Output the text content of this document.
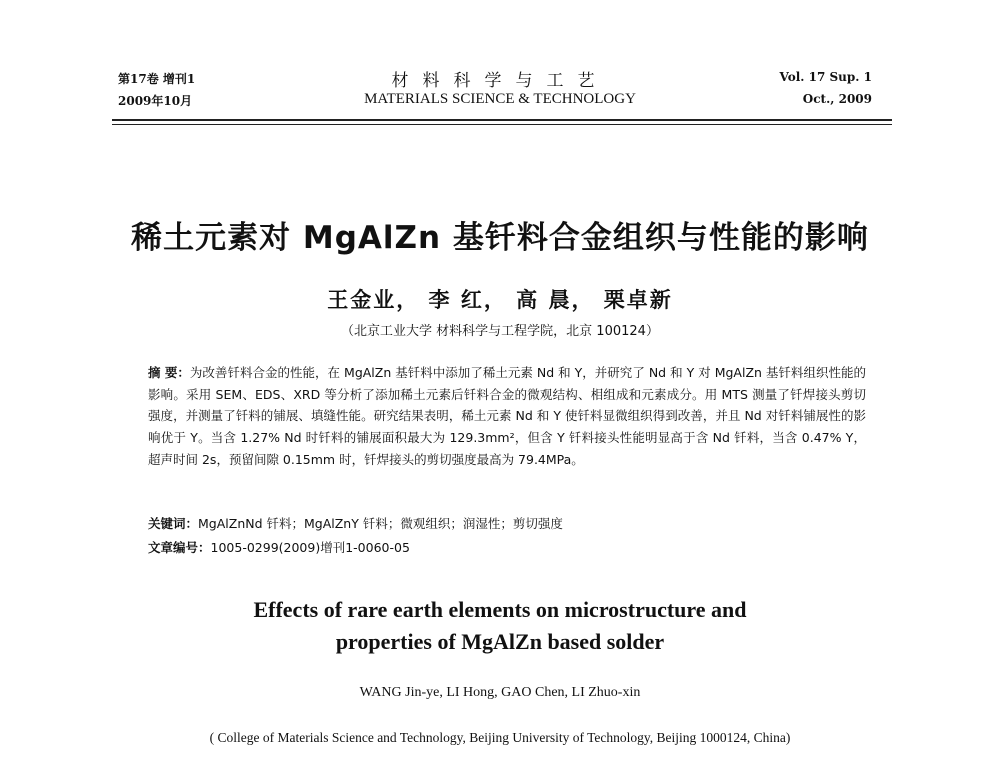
第17卷 增刊1
2009年10月
材料科学与工艺
MATERIALS SCIENCE & TECHNOLOGY
Vol. 17 Sup. 1
Oct., 2009
稀土元素对 MgAlZn 基钎料合金组织与性能的影响
王金业， 李 红， 高 晨， 栗卓新
（北京工业大学 材料科学与工程学院，北京 100124）
摘 要：为改善钎料合金的性能，在 MgAlZn 基钎料中添加了稀土元素 Nd 和 Y，并研究了 Nd 和 Y 对 MgAlZn 基钎料组织性能的影响。采用 SEM、EDS、XRD 等分析了添加稀土元素后钎料合金的微观结构、相组成和元素成分。用 MTS 测量了钎焊接头剪切强度，并测量了钎料的铺展、填缝性能。研究结果表明，稀土元素 Nd 和 Y 使钎料显微组织得到改善，并且 Nd 对钎料铺展性的影响优于 Y。当含 1.27% Nd 时钎料的铺展面积最大为 129.3mm²，但含 Y 钎料接头性能明显高于含 Nd 钎料，当含 0.47% Y，超声时间 2s，预留间隙 0.15mm 时，钎焊接头的剪切强度最高为 79.4MPa。
关键词：MgAlZnNd 钎料；MgAlZnY 钎料；微观组织；润湿性；剪切强度
文章编号：1005-0299(2009)增刊1-0060-05
Effects of rare earth elements on microstructure and properties of MgAlZn based solder
WANG Jin-ye, LI Hong, GAO Chen, LI Zhuo-xin
( College of Materials Science and Technology, Beijing University of Technology, Beijing 1000124, China)
